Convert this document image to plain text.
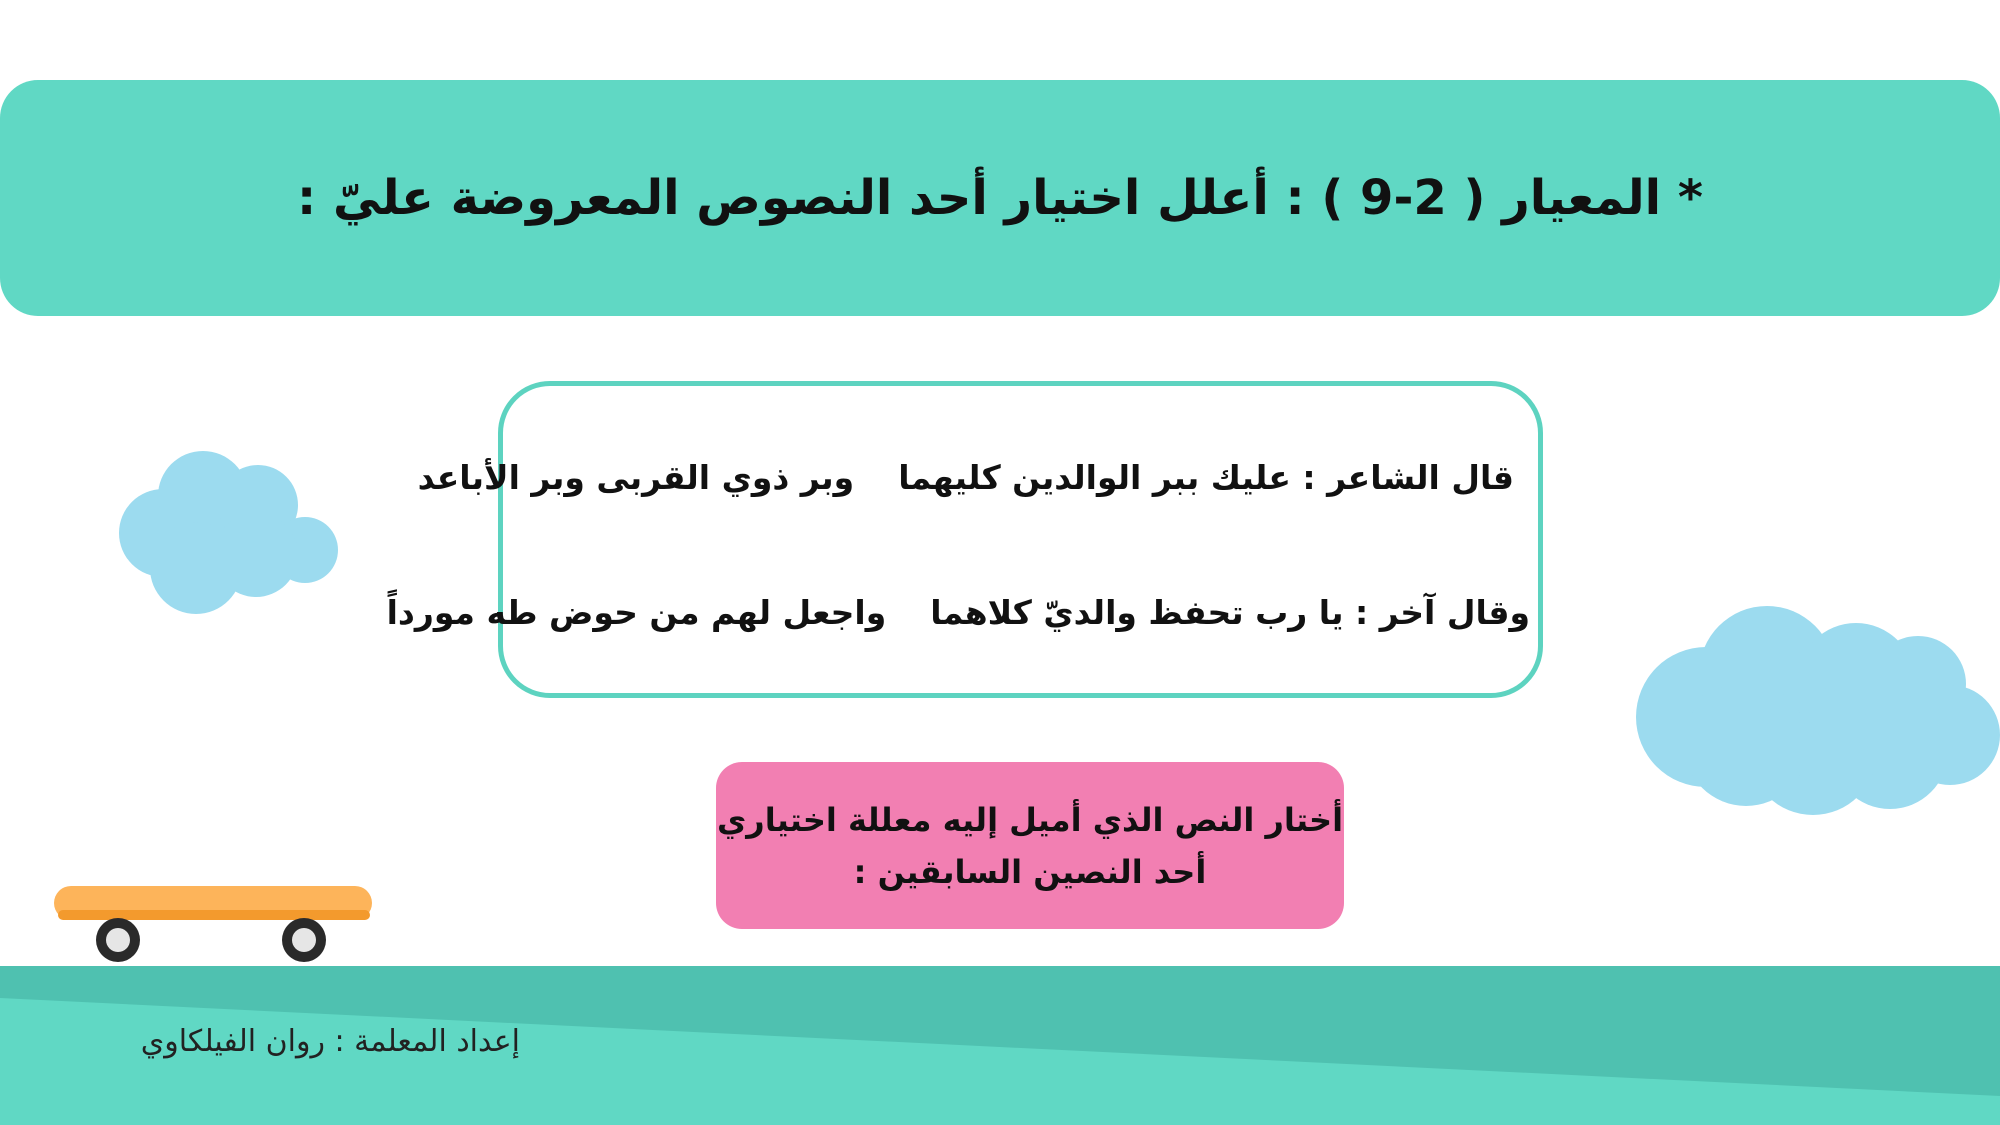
* المعيار ( 2-9 ) : أعلل اختيار أحد النصوص المعروضة عليّ :
قال الشاعر : عليك ببر الوالدين كليهماوبر ذوي القربى وبر الأباعد
وقال آخر : يا رب تحفظ والديّ كلاهماواجعل لهم من حوض طه مورداً
أختار النص الذي أميل إليه معللة اختياري
أحد النصين السابقين :
إعداد المعلمة : روان الفيلكاوي
